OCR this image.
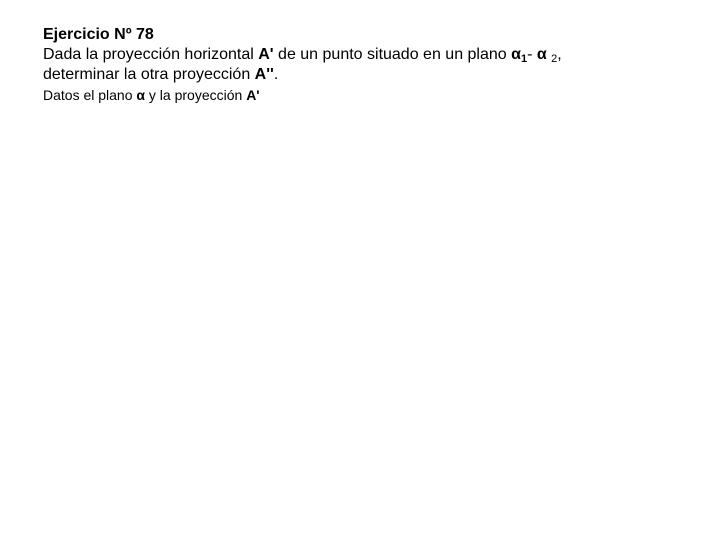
Ejercicio Nº 78
Dada la proyección horizontal A' de un punto situado en un plano $\alpha_1-$ α $_2$,
determinar la otra proyección A''.
Datos el plano α y la proyección A'
